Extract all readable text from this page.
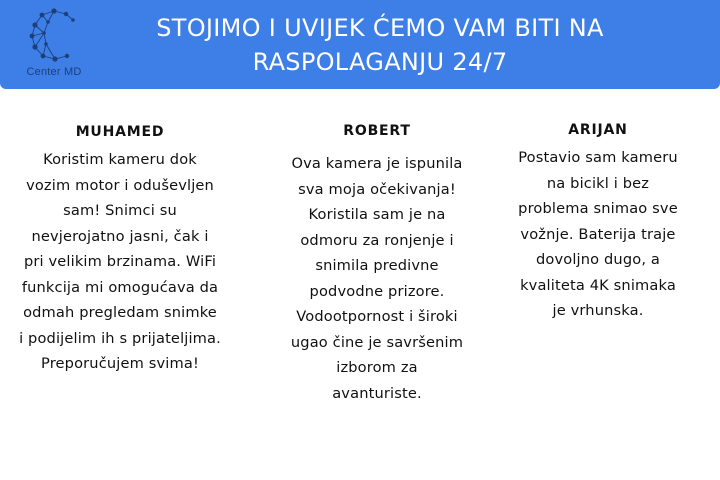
Center MD
STOJIMO I UVIJEK ĆEMO VAM BITI NA
RASPOLAGANJU 24/7
MUHAMED
Koristim kameru dok
vozim motor i oduševljen
sam! Snimci su
nevjerojatno jasni, čak i
pri velikim brzinama. WiFi
funkcija mi omogućava da
odmah pregledam snimke
i podijelim ih s prijateljima.
Preporučujem svima!
ROBERT
Ova kamera je ispunila
sva moja očekivanja!
Koristila sam je na
odmoru za ronjenje i
snimila predivne
podvodne prizore.
Vodootpornost i široki
ugao čine je savršenim
izborom za
avanturiste.
ARIJAN
Postavio sam kameru
na bicikl i bez
problema snimao sve
vožnje. Baterija traje
dovoljno dugo, a
kvaliteta 4K snimaka
je vrhunska.
